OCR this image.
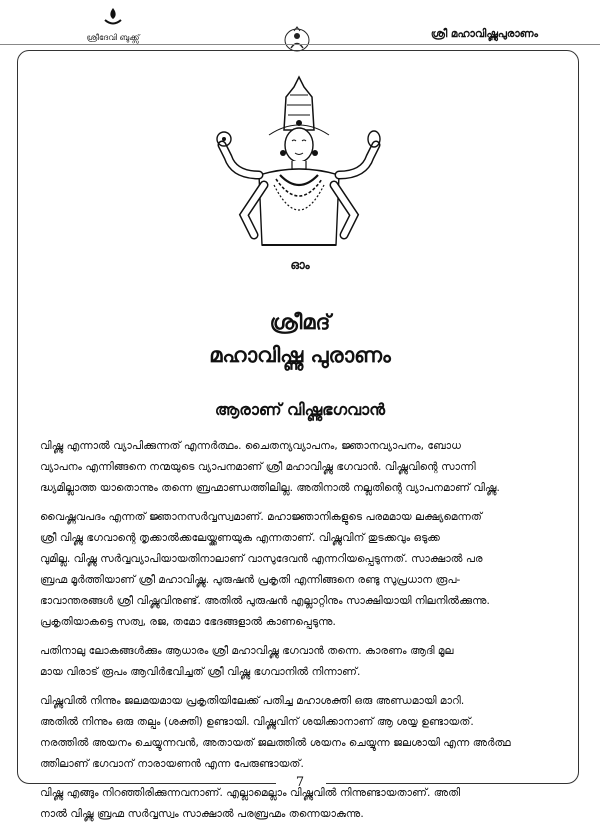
ശ്രീദേവി ബുക്ക്സ്	ശ്രീ മഹാവിഷ്ണുപുരാണം
ഓം
ശ്രീമദ്
മഹാവിഷ്ണു പുരാണം
ആരാണ് വിഷ്ണുഭഗവാൻ

വിഷ്ണു എന്നാൽ വ്യാപിക്കുന്നത് എന്നർത്ഥം. ചൈതന്യവ്യാപനം, ജ്ഞാനവ്യാപനം, ബോധ
വ്യാപനം എന്നിങ്ങനെ നന്മയുടെ വ്യാപനമാണ് ശ്രീ മഹാവിഷ്ണു ഭഗവാൻ. വിഷ്ണുവിന്റെ സാന്നി
ദ്ധ്യമില്ലാത്ത യാതൊന്നും തന്നെ ബ്രഹ്മാണ്ഡത്തിലില്ല. അതിനാൽ നല്ലതിന്റെ വ്യാപനമാണ് വിഷ്ണു.

വൈഷ്ണവപദം എന്നത് ജ്ഞാനസർവ്വസ്വമാണ്. മഹാജ്ഞാനികളുടെ പരമമായ ലക്ഷ്യമെന്നത്
ശ്രീ വിഷ്ണു ഭഗവാന്റെ തൃക്കാൽക്കലേയ്ക്കണയുക എന്നതാണ്. വിഷ്ണുവിന് തുടക്കവും ഒടുക്ക
വുമില്ല. വിഷ്ണു സർവ്വവ്യാപിയായതിനാലാണ് വാസുദേവൻ എന്നറിയപ്പെടുന്നത്. സാക്ഷാൽ പര
ബ്രഹ്മ മൂർത്തിയാണ് ശ്രീ മഹാവിഷ്ണു. പുരുഷൻ പ്രകൃതി എന്നിങ്ങനെ രണ്ടു സുപ്രധാന രൂപ-
ഭാവാന്തരങ്ങൾ ശ്രീ വിഷ്ണുവിനുണ്ട്. അതിൽ പുരുഷൻ എല്ലാറ്റിനും സാക്ഷിയായി നിലനിൽക്കുന്നു.
പ്രകൃതിയാകട്ടെ സത്വ, രജ, തമോ ഭേദങ്ങളാൽ കാണപ്പെടുന്നു.

പതിനാലു ലോകങ്ങൾക്കും ആധാരം ശ്രീ മഹാവിഷ്ണു ഭഗവാൻ തന്നെ. കാരണം ആദി മൂല
മായ വിരാട് രൂപം ആവിർഭവിച്ചത് ശ്രീ വിഷ്ണു ഭഗവാനിൽ നിന്നാണ്.

വിഷ്ണുവിൽ നിന്നും ജലമയമായ പ്രകൃതിയിലേക്ക് പതിച്ച മഹാശക്തി ഒരു അണ്ഡമായി മാറി.
അതിൽ നിന്നും ഒരു തല്പം (ശക്തി) ഉണ്ടായി. വിഷ്ണുവിന് ശയിക്കാനാണ് ആ ശയ്യ ഉണ്ടായത്.
നരത്തിൽ അയനം ചെയ്യുന്നവൻ, അതായത് ജലത്തിൽ ശയനം ചെയ്യുന്ന ജലശായി എന്ന അർത്ഥ
ത്തിലാണ് ഭഗവാന് നാരായണൻ എന്ന പേരുണ്ടായത്.

വിഷ്ണു എങ്ങും നിറഞ്ഞിരിക്കുന്നവനാണ്. എല്ലാമെല്ലാം വിഷ്ണുവിൽ നിന്നുണ്ടായതാണ്. അതി
നാൽ വിഷ്ണു ബ്രഹ്മ സർവ്വസ്വം സാക്ഷാൽ പരബ്രഹ്മം തന്നെയാകുന്നു.

7
